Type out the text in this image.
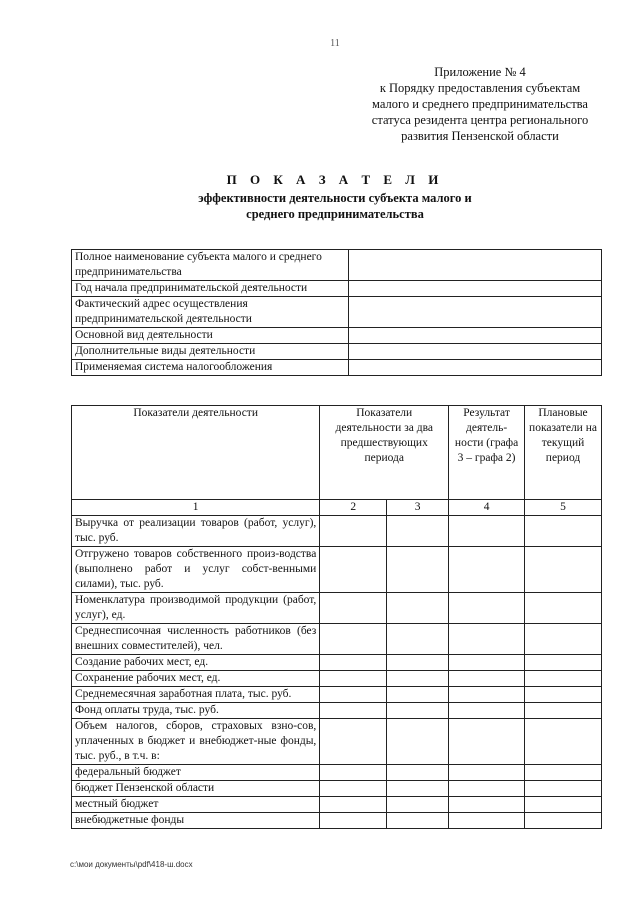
11
Приложение № 4
к Порядку предоставления субъектам
малого и среднего предпринимательства
статуса резидента центра регионального
развития Пензенской области
П О К А З А Т Е Л И
эффективности деятельности субъекта малого и
среднего предпринимательства
Полное наименование субъекта малого и среднего предпринимательства	
Год начала предпринимательской деятельности	
Фактический адрес осуществления предпринимательской деятельности	
Основной вид деятельности	
Дополнительные виды деятельности	
Применяемая система налогообложения	
Показатели деятельности	Показатели деятельности за два предшествующих периода		Результат деятель-ности (графа 3 – графа 2)	Плановые показатели на текущий период
1	2	3	4	5
Выручка от реализации товаров (работ, услуг), тыс. руб.				
Отгружено товаров собственного произ-водства (выполнено работ и услуг собст-венными силами), тыс. руб.				
Номенклатура производимой продукции (работ, услуг), ед.				
Среднесписочная численность работников (без внешних совместителей), чел.				
Создание рабочих мест, ед.				
Сохранение рабочих мест, ед.				
Среднемесячная заработная плата, тыс. руб.				
Фонд оплаты труда, тыс. руб.				
Объем налогов, сборов, страховых взно-сов, уплаченных в бюджет и внебюджет-ные фонды, тыс. руб., в т.ч. в:				
федеральный бюджет				
бюджет Пензенской области				
местный бюджет				
внебюджетные фонды				
c:\мои документы\pdf\418-ш.docx
